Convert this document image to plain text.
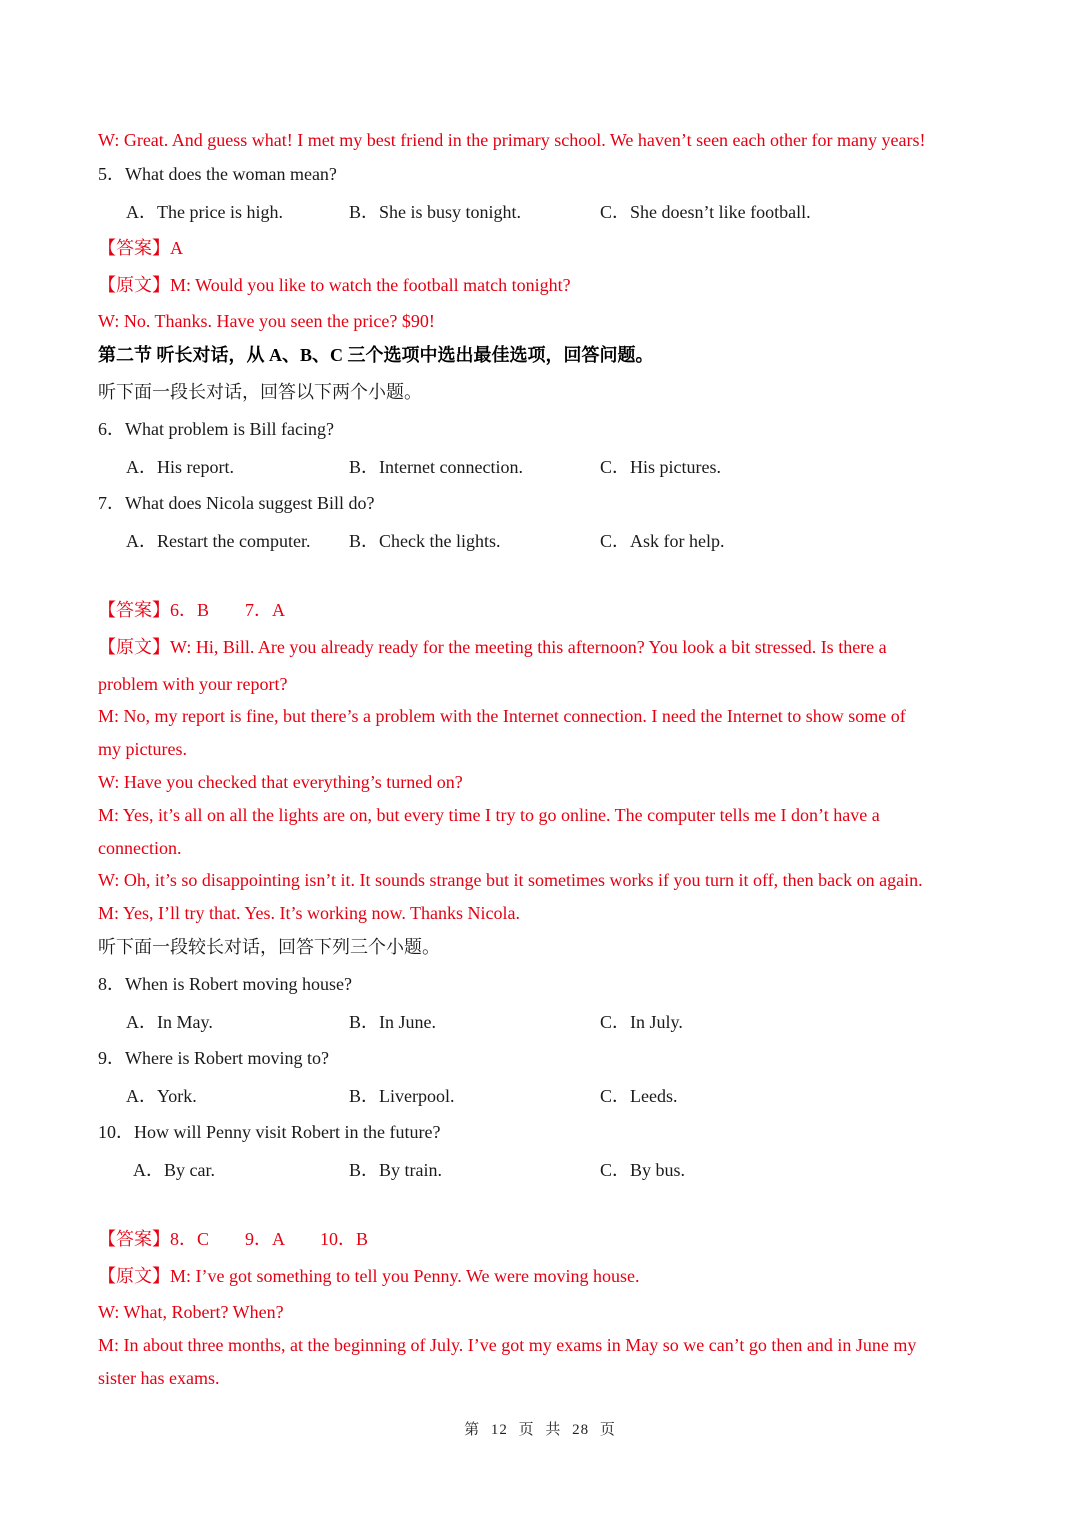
W: Great. And guess what! I met my best friend in the primary school. We haven’t seen each other for many years!
5．What does the woman mean?
A．The price is high.	B．She is busy tonight.	C．She doesn’t like football.
【答案】A
【原文】M: Would you like to watch the football match tonight?
W: No. Thanks. Have you seen the price? $90!
第二节 听长对话，从 A、B、C 三个选项中选出最佳选项，回答问题。
听下面一段长对话，回答以下两个小题。
6．What problem is Bill facing?
A．His report.	B．Internet connection.	C．His pictures.
7．What does Nicola suggest Bill do?
A．Restart the computer. B．Check the lights.	C．Ask for help.
【答案】6．B        7．A
【原文】W: Hi, Bill. Are you already ready for the meeting this afternoon? You look a bit stressed. Is there a
problem with your report?
M: No, my report is fine, but there’s a problem with the Internet connection. I need the Internet to show some of
my pictures.
W: Have you checked that everything’s turned on?
M: Yes, it’s all on all the lights are on, but every time I try to go online. The computer tells me I don’t have a
connection.
W: Oh, it’s so disappointing isn’t it. It sounds strange but it sometimes works if you turn it off, then back on again.
M: Yes, I’ll try that. Yes. It’s working now. Thanks Nicola.
听下面一段较长对话，回答下列三个小题。
8．When is Robert moving house?
A．In May.	B．In June.	C．In July.
9．Where is Robert moving to?
A．York.	B．Liverpool.	C．Leeds.
10．How will Penny visit Robert in the future?
A．By car.	B．By train.	C．By bus.
【答案】8．C        9．A        10．B
【原文】M: I’ve got something to tell you Penny. We were moving house.
W: What, Robert? When?
M: In about three months, at the beginning of July. I’ve got my exams in May so we can’t go then and in June my
sister has exams.
第 12 页 共 28 页
